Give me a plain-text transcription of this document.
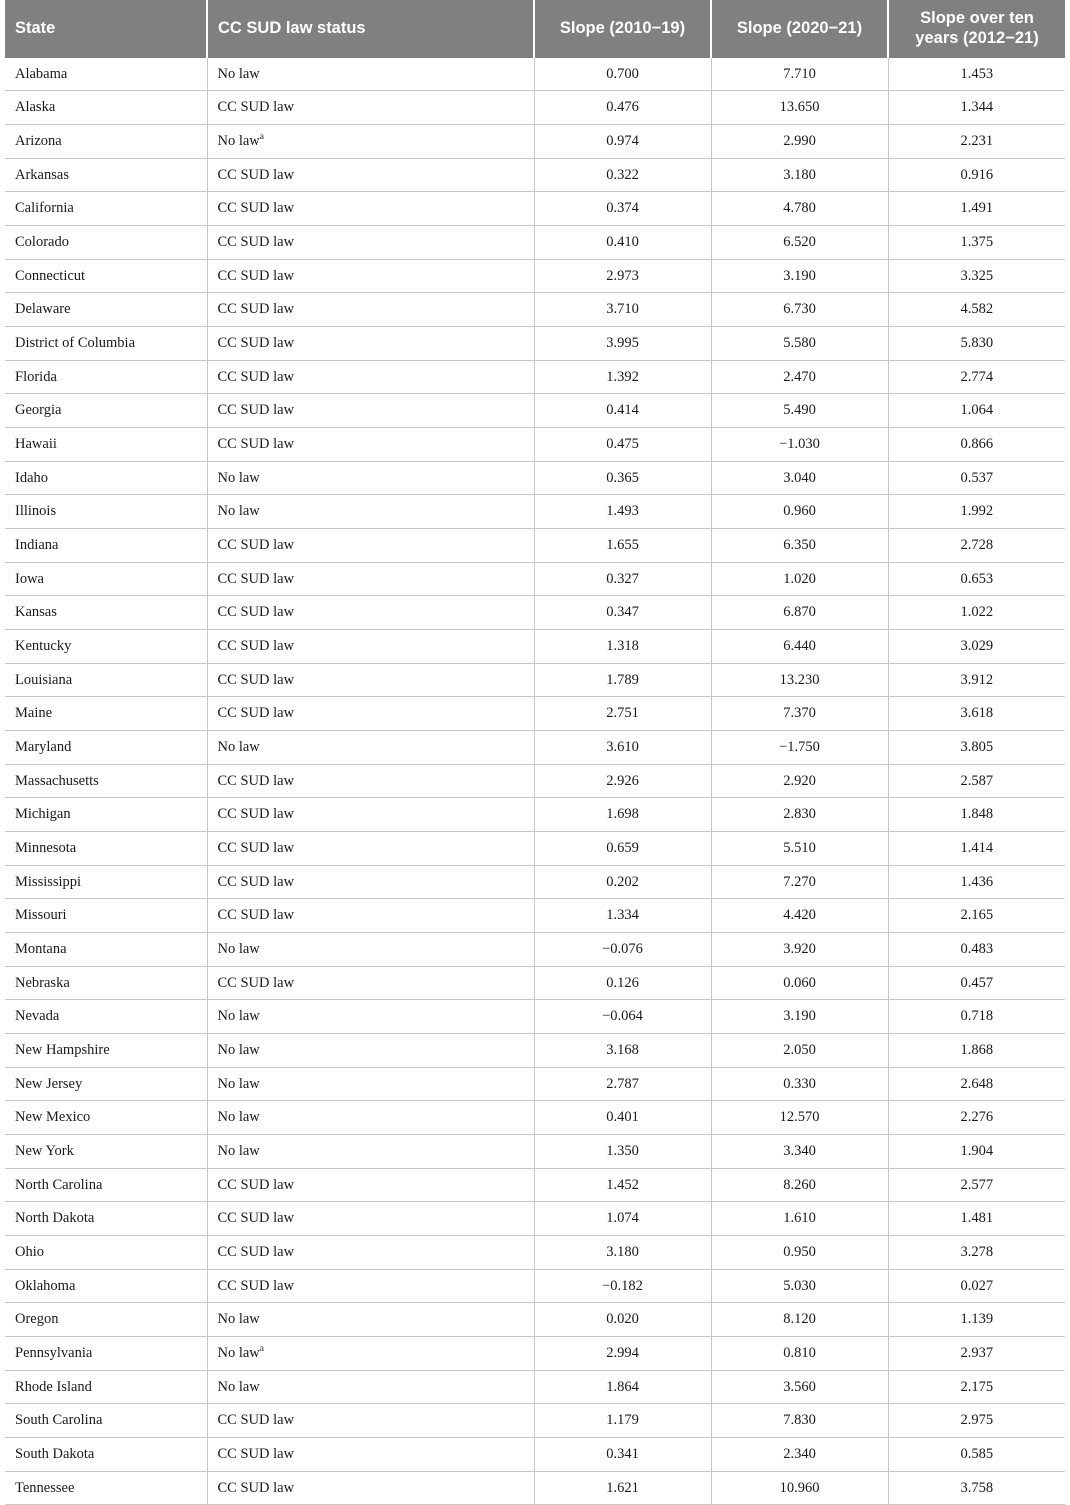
State	CC SUD law status	Slope (2010−19)	Slope (2020−21)	Slope over ten years (2012−21)
Alabama	No law	0.700	7.710	1.453
Alaska	CC SUD law	0.476	13.650	1.344
Arizona	No law$^a$	0.974	2.990	2.231
Arkansas	CC SUD law	0.322	3.180	0.916
California	CC SUD law	0.374	4.780	1.491
Colorado	CC SUD law	0.410	6.520	1.375
Connecticut	CC SUD law	2.973	3.190	3.325
Delaware	CC SUD law	3.710	6.730	4.582
District of Columbia	CC SUD law	3.995	5.580	5.830
Florida	CC SUD law	1.392	2.470	2.774
Georgia	CC SUD law	0.414	5.490	1.064
Hawaii	CC SUD law	0.475	−1.030	0.866
Idaho	No law	0.365	3.040	0.537
Illinois	No law	1.493	0.960	1.992
Indiana	CC SUD law	1.655	6.350	2.728
Iowa	CC SUD law	0.327	1.020	0.653
Kansas	CC SUD law	0.347	6.870	1.022
Kentucky	CC SUD law	1.318	6.440	3.029
Louisiana	CC SUD law	1.789	13.230	3.912
Maine	CC SUD law	2.751	7.370	3.618
Maryland	No law	3.610	−1.750	3.805
Massachusetts	CC SUD law	2.926	2.920	2.587
Michigan	CC SUD law	1.698	2.830	1.848
Minnesota	CC SUD law	0.659	5.510	1.414
Mississippi	CC SUD law	0.202	7.270	1.436
Missouri	CC SUD law	1.334	4.420	2.165
Montana	No law	−0.076	3.920	0.483
Nebraska	CC SUD law	0.126	0.060	0.457
Nevada	No law	−0.064	3.190	0.718
New Hampshire	No law	3.168	2.050	1.868
New Jersey	No law	2.787	0.330	2.648
New Mexico	No law	0.401	12.570	2.276
New York	No law	1.350	3.340	1.904
North Carolina	CC SUD law	1.452	8.260	2.577
North Dakota	CC SUD law	1.074	1.610	1.481
Ohio	CC SUD law	3.180	0.950	3.278
Oklahoma	CC SUD law	−0.182	5.030	0.027
Oregon	No law	0.020	8.120	1.139
Pennsylvania	No law$^a$	2.994	0.810	2.937
Rhode Island	No law	1.864	3.560	2.175
South Carolina	CC SUD law	1.179	7.830	2.975
South Dakota	CC SUD law	0.341	2.340	0.585
Tennessee	CC SUD law	1.621	10.960	3.758
